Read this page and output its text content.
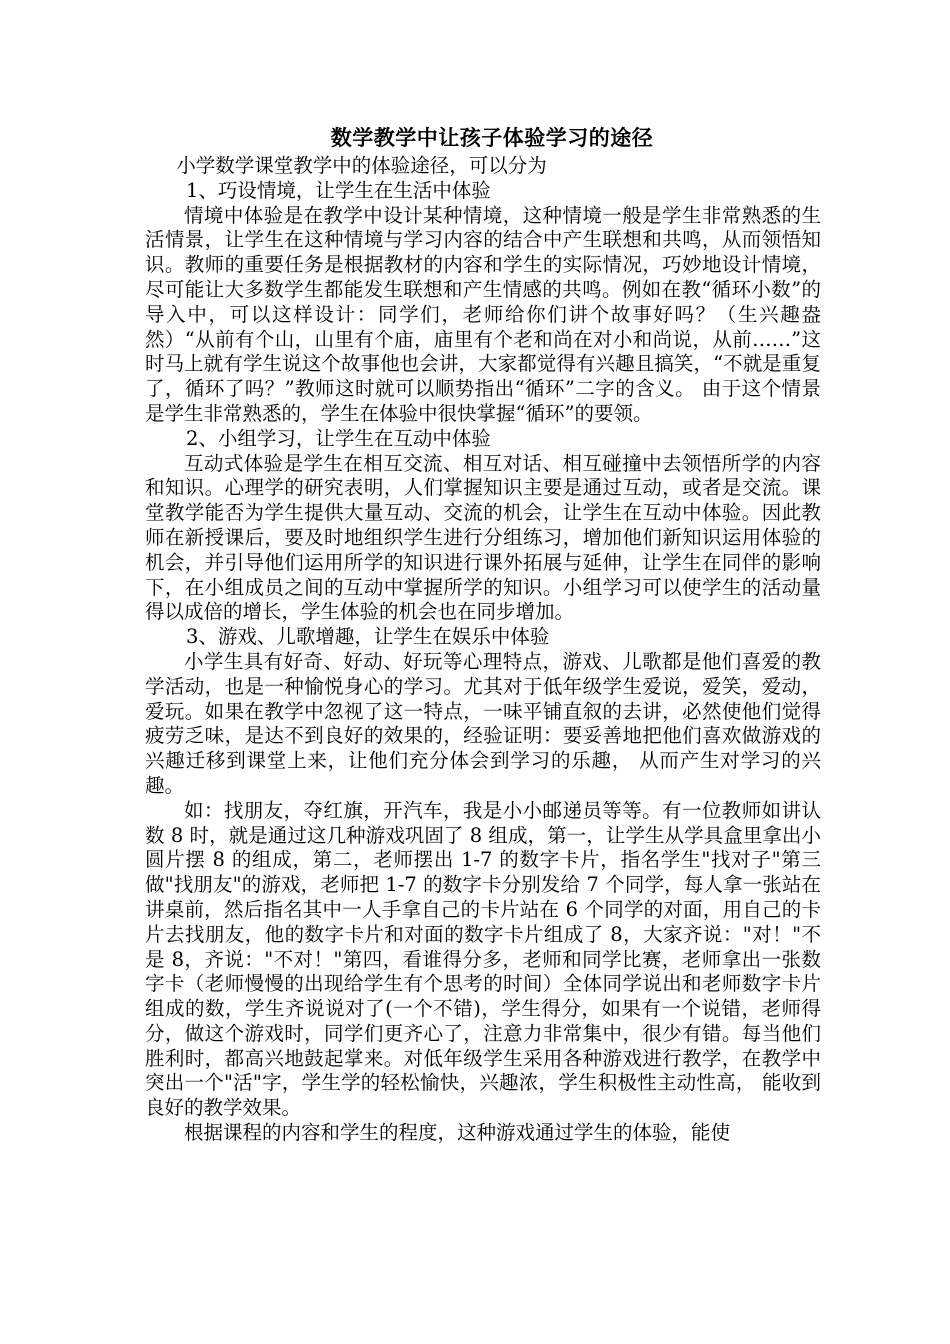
数学教学中让孩子体验学习的途径

小学数学课堂教学中的体验途径，可以分为

1、巧设情境，让学生在生活中体验

情境中体验是在教学中设计某种情境，这种情境一般是学生非常熟悉的生活情景，让学生在这种情境与学习内容的结合中产生联想和共鸣，从而领悟知识。教师的重要任务是根据教材的内容和学生的实际情况，巧妙地设计情境，尽可能让大多数学生都能发生联想和产生情感的共鸣。例如在教“循环小数”的导入中，可以这样设计：同学们，老师给你们讲个故事好吗？（生兴趣盎然）“从前有个山，山里有个庙，庙里有个老和尚在对小和尚说，从前……”这时马上就有学生说这个故事他也会讲，大家都觉得有兴趣且搞笑，“不就是重复了，循环了吗？”教师这时就可以顺势指出“循环”二字的含义。 由于这个情景是学生非常熟悉的，学生在体验中很快掌握“循环”的要领。

2、小组学习，让学生在互动中体验

互动式体验是学生在相互交流、相互对话、相互碰撞中去领悟所学的内容和知识。心理学的研究表明，人们掌握知识主要是通过互动，或者是交流。课堂教学能否为学生提供大量互动、交流的机会，让学生在互动中体验。因此教师在新授课后，要及时地组织学生进行分组练习，增加他们新知识运用体验的机会，并引导他们运用所学的知识进行课外拓展与延伸，让学生在同伴的影响下，在小组成员之间的互动中掌握所学的知识。小组学习可以使学生的活动量得以成倍的增长，学生体验的机会也在同步增加。

3、游戏、儿歌增趣，让学生在娱乐中体验

小学生具有好奇、好动、好玩等心理特点，游戏、儿歌都是他们喜爱的教学活动，也是一种愉悦身心的学习。尤其对于低年级学生爱说，爱笑，爱动，爱玩。如果在教学中忽视了这一特点，一味平铺直叙的去讲，必然使他们觉得疲劳乏味，是达不到良好的效果的，经验证明：要妥善地把他们喜欢做游戏的兴趣迁移到课堂上来，让他们充分体会到学习的乐趣， 从而产生对学习的兴趣。

如：找朋友，夺红旗，开汽车，我是小小邮递员等等。有一位教师如讲认数 8 时，就是通过这几种游戏巩固了 8 组成，第一，让学生从学具盒里拿出小圆片摆 8 的组成，第二，老师摆出 1-7 的数字卡片，指名学生"找对子"第三做"找朋友"的游戏，老师把 1-7 的数字卡分别发给 7 个同学，每人拿一张站在讲桌前，然后指名其中一人手拿自己的卡片站在 6 个同学的对面，用自己的卡片去找朋友，他的数字卡片和对面的数字卡片组成了 8，大家齐说："对！"不是 8，齐说："不对！"第四，看谁得分多，老师和同学比赛，老师拿出一张数字卡（老师慢慢的出现给学生有个思考的时间）全体同学说出和老师数字卡片组成的数，学生齐说说对了(一个不错)，学生得分，如果有一个说错，老师得分，做这个游戏时，同学们更齐心了，注意力非常集中，很少有错。每当他们胜利时，都高兴地鼓起掌来。对低年级学生采用各种游戏进行教学，在教学中突出一个"活"字，学生学的轻松愉快，兴趣浓，学生积极性主动性高， 能收到良好的教学效果。

根据课程的内容和学生的程度，这种游戏通过学生的体验，能使
